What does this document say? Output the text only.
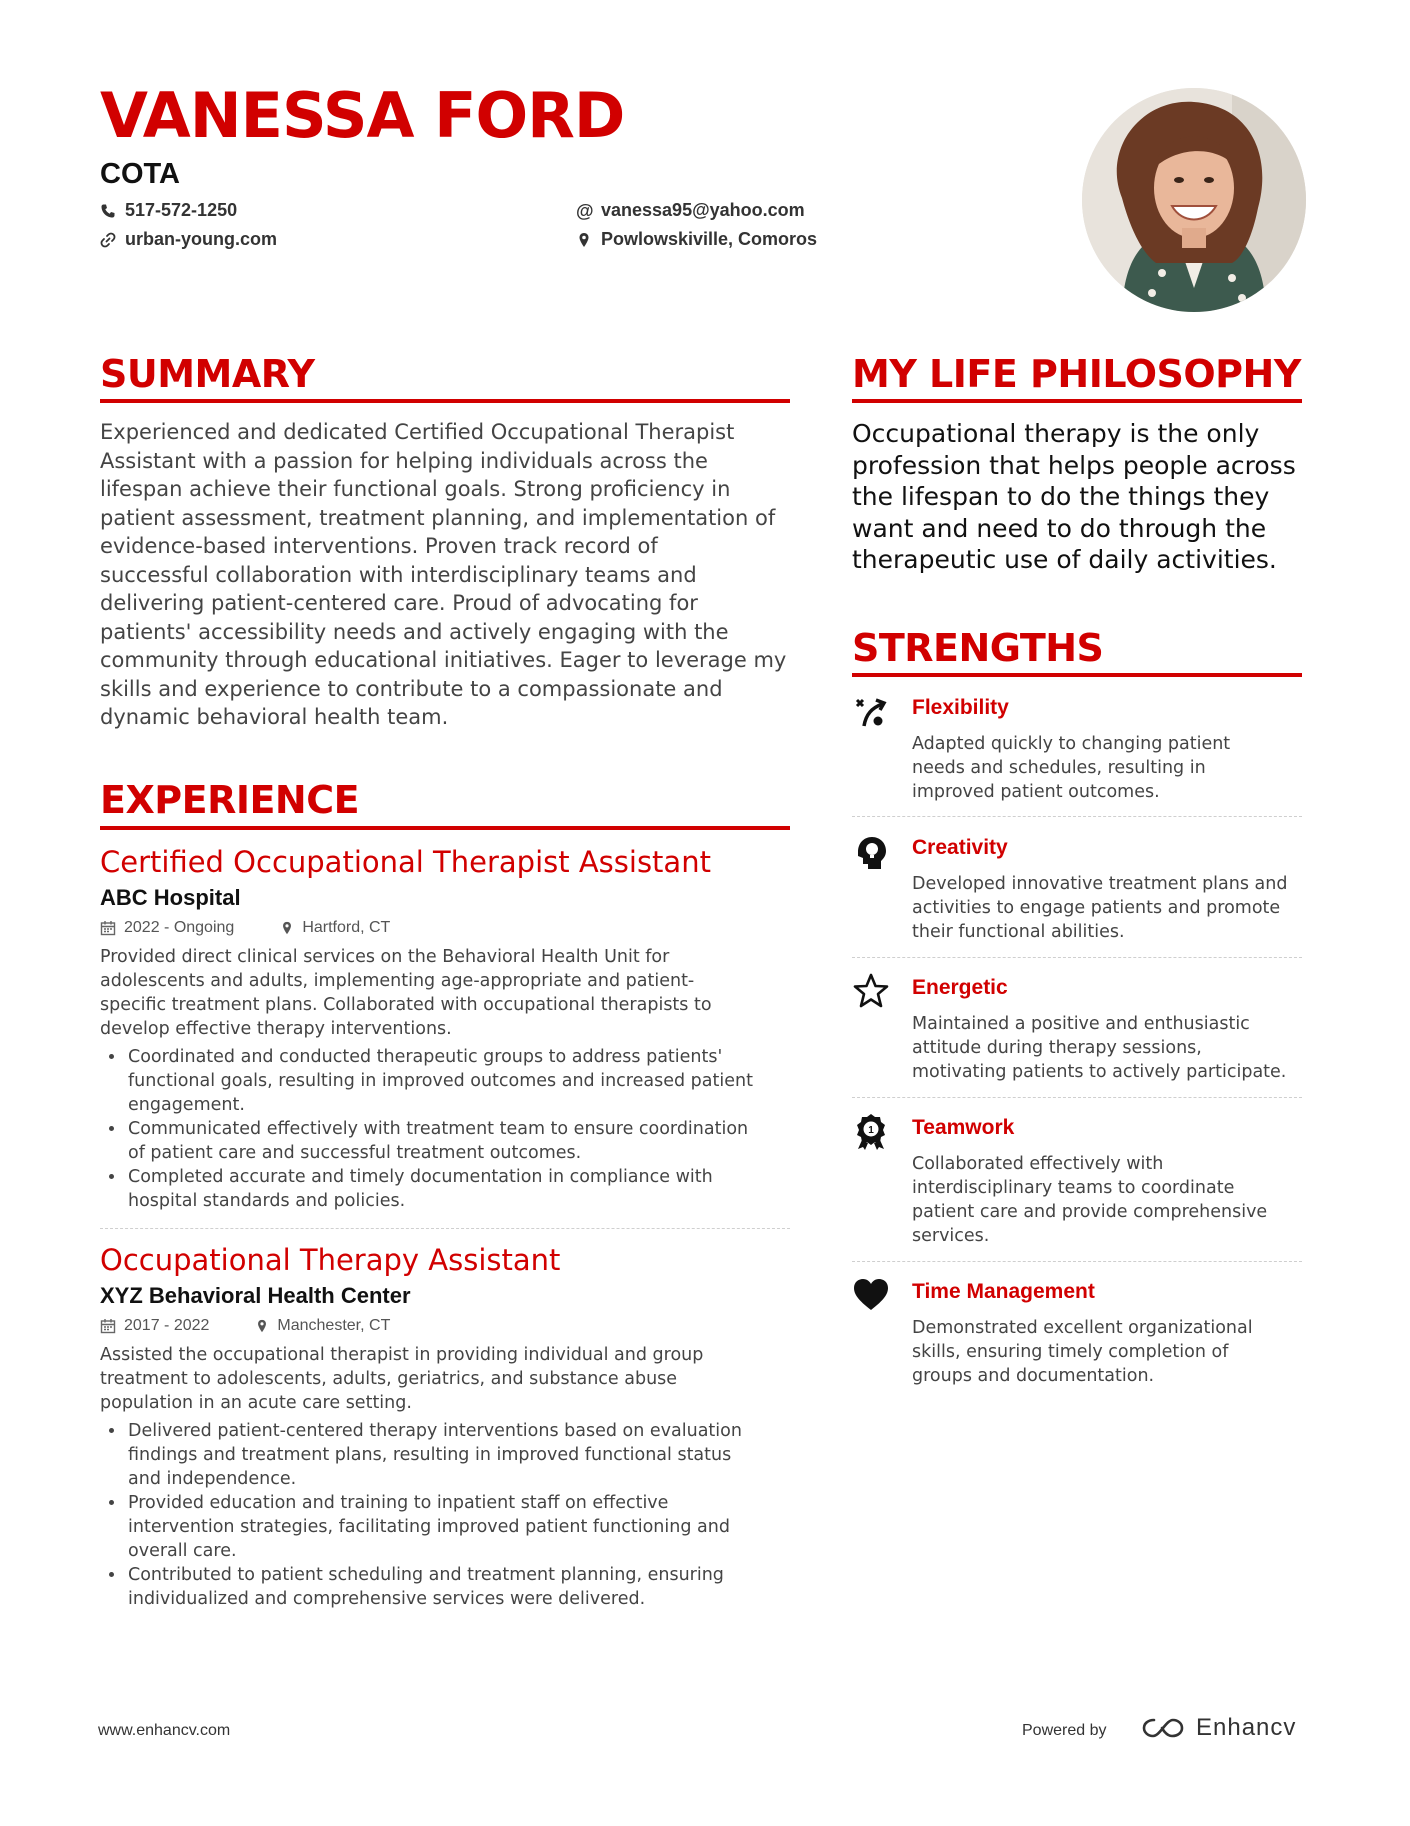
VANESSA FORD
COTA
517-572-1250	@ vanessa95@yahoo.com
urban-young.com	Powlowskiville, Comoros
SUMMARY
Experienced and dedicated Certified Occupational Therapist
Assistant with a passion for helping individuals across the
lifespan achieve their functional goals. Strong proficiency in
patient assessment, treatment planning, and implementation of
evidence-based interventions. Proven track record of
successful collaboration with interdisciplinary teams and
delivering patient-centered care. Proud of advocating for
patients' accessibility needs and actively engaging with the
community through educational initiatives. Eager to leverage my
skills and experience to contribute to a compassionate and
dynamic behavioral health team.
MY LIFE PHILOSOPHY
Occupational therapy is the only
profession that helps people across
the lifespan to do the things they
want and need to do through the
therapeutic use of daily activities.
EXPERIENCE
Certified Occupational Therapist Assistant
ABC Hospital
2022 - Ongoing	Hartford, CT
Provided direct clinical services on the Behavioral Health Unit for
adolescents and adults, implementing age-appropriate and patient-
specific treatment plans. Collaborated with occupational therapists to
develop effective therapy interventions.
• Coordinated and conducted therapeutic groups to address patients'
functional goals, resulting in improved outcomes and increased patient
engagement.
• Communicated effectively with treatment team to ensure coordination
of patient care and successful treatment outcomes.
• Completed accurate and timely documentation in compliance with
hospital standards and policies.
Occupational Therapy Assistant
XYZ Behavioral Health Center
2017 - 2022	Manchester, CT
Assisted the occupational therapist in providing individual and group
treatment to adolescents, adults, geriatrics, and substance abuse
population in an acute care setting.
• Delivered patient-centered therapy interventions based on evaluation
findings and treatment plans, resulting in improved functional status
and independence.
• Provided education and training to inpatient staff on effective
intervention strategies, facilitating improved patient functioning and
overall care.
• Contributed to patient scheduling and treatment planning, ensuring
individualized and comprehensive services were delivered.
STRENGTHS
Flexibility
Adapted quickly to changing patient
needs and schedules, resulting in
improved patient outcomes.
Creativity
Developed innovative treatment plans and
activities to engage patients and promote
their functional abilities.
Energetic
Maintained a positive and enthusiastic
attitude during therapy sessions,
motivating patients to actively participate.
1 Teamwork
Collaborated effectively with
interdisciplinary teams to coordinate
patient care and provide comprehensive
services.
Time Management
Demonstrated excellent organizational
skills, ensuring timely completion of
groups and documentation.
www.enhancv.com	Powered by	Enhancv
